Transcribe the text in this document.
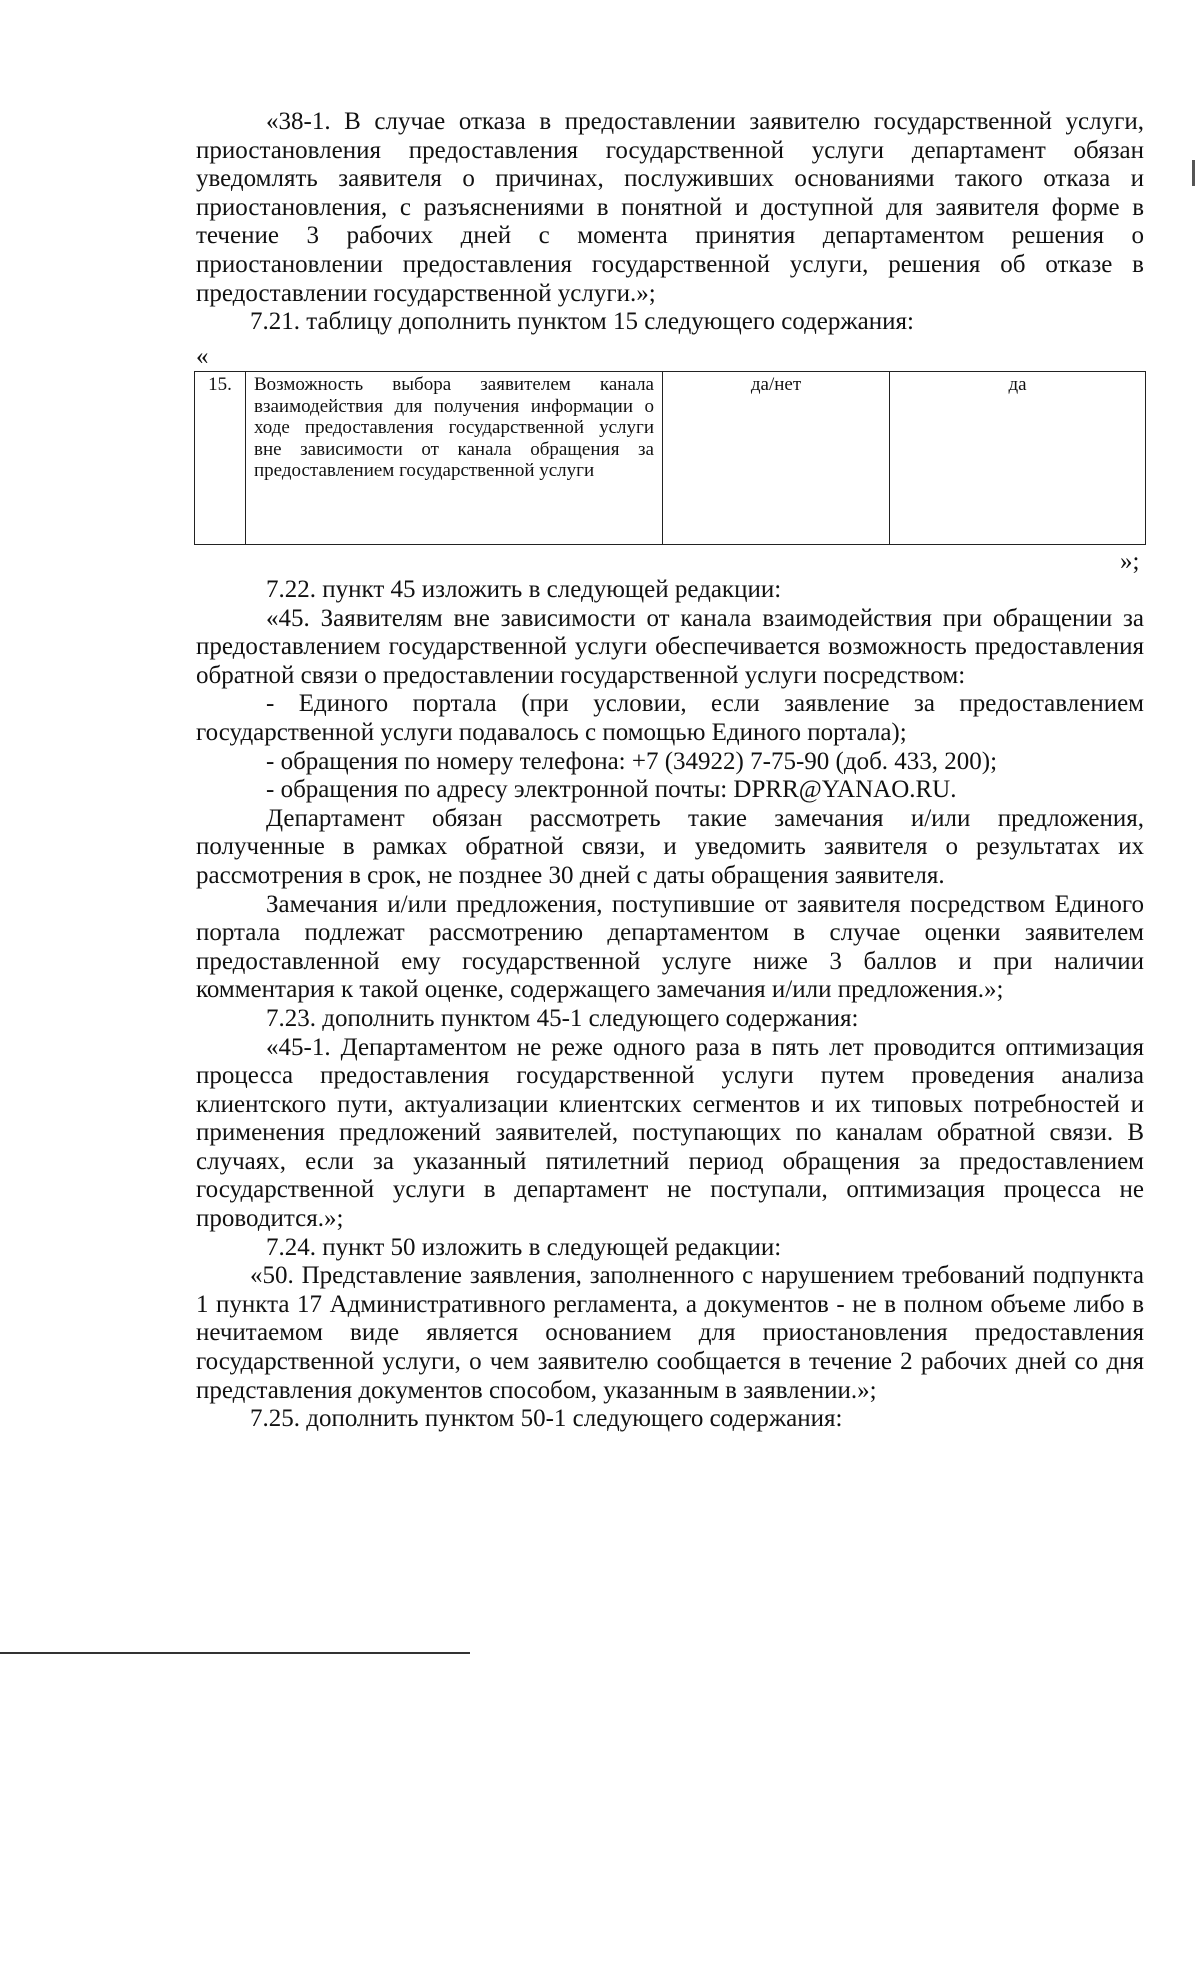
«38-1. В случае отказа в предоставлении заявителю государственной услуги, приостановления предоставления государственной услуги департамент обязан уведомлять заявителя о причинах, послуживших основаниями такого отказа и приостановления, с разъяснениями в понятной и доступной для заявителя форме в течение 3 рабочих дней с момента принятия департаментом решения о приостановлении предоставления государственной услуги, решения об отказе в предоставлении государственной услуги.»;

7.21. таблицу дополнить пунктом 15 следующего содержания:

«
15.	Возможность выбора заявителем канала взаимодействия для получения информации о ходе предоставления государственной услуги вне зависимости от канала обращения за предоставлением государственной услуги	да/нет	да
»;

7.22. пункт 45 изложить в следующей редакции:

«45. Заявителям вне зависимости от канала взаимодействия при обращении за предоставлением государственной услуги обеспечивается возможность предоставления обратной связи о предоставлении государственной услуги посредством:

- Единого портала (при условии, если заявление за предоставлением государственной услуги подавалось с помощью Единого портала);

- обращения по номеру телефона: +7 (34922) 7-75-90 (доб. 433, 200);

- обращения по адресу электронной почты: DPRR@YANAO.RU.

Департамент обязан рассмотреть такие замечания и/или предложения, полученные в рамках обратной связи, и уведомить заявителя о результатах их рассмотрения в срок, не позднее 30 дней с даты обращения заявителя.

Замечания и/или предложения, поступившие от заявителя посредством Единого портала подлежат рассмотрению департаментом в случае оценки заявителем предоставленной ему государственной услуге ниже 3 баллов и при наличии комментария к такой оценке, содержащего замечания и/или предложения.»;

7.23. дополнить пунктом 45-1 следующего содержания:

«45-1. Департаментом не реже одного раза в пять лет проводится оптимизация процесса предоставления государственной услуги путем проведения анализа клиентского пути, актуализации клиентских сегментов и их типовых потребностей и применения предложений заявителей, поступающих по каналам обратной связи. В случаях, если за указанный пятилетний период обращения за предоставлением государственной услуги в департамент не поступали, оптимизация процесса не проводится.»;

7.24. пункт 50 изложить в следующей редакции:

«50. Представление заявления, заполненного с нарушением требований подпункта 1 пункта 17 Административного регламента, а документов - не в полном объеме либо в нечитаемом виде является основанием для приостановления предоставления государственной услуги, о чем заявителю сообщается в течение 2 рабочих дней со дня представления документов способом, указанным в заявлении.»;

7.25. дополнить пунктом 50-1 следующего содержания:
